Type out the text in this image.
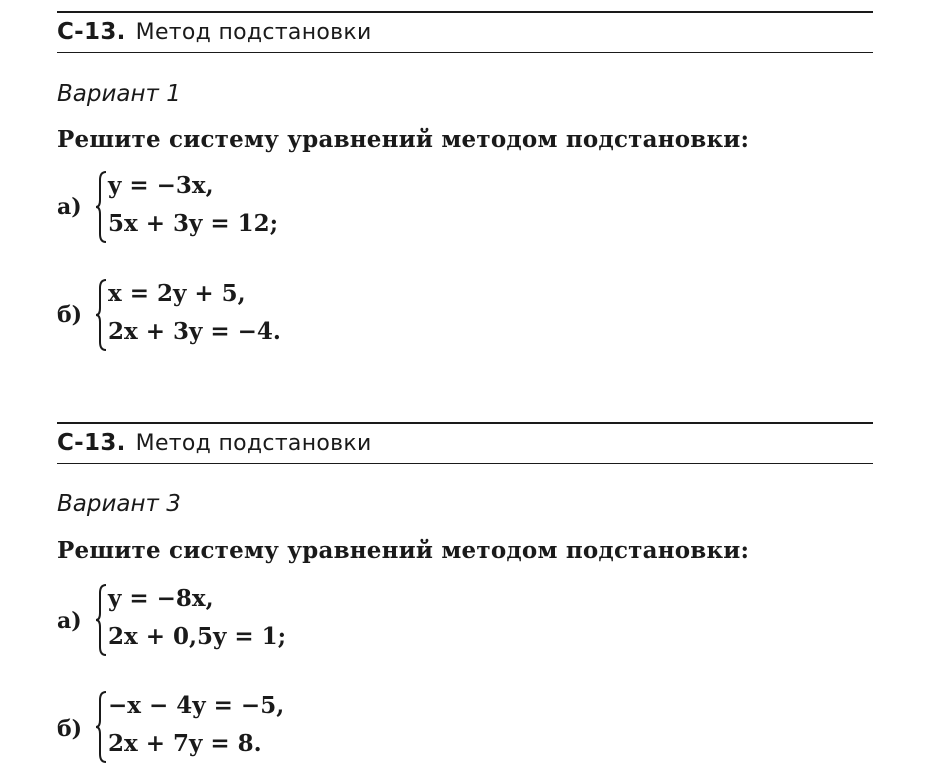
С-13. Метод подстановки
Вариант 1
Решите систему уравнений методом подстановки:
а)
y = −3x,
5x + 3y = 12;
б)
x = 2y + 5,
2x + 3y = −4.
С-13. Метод подстановки
Вариант 3
Решите систему уравнений методом подстановки:
а)
y = −8x,
2x + 0,5y = 1;
б)
−x − 4y = −5,
2x + 7y = 8.
